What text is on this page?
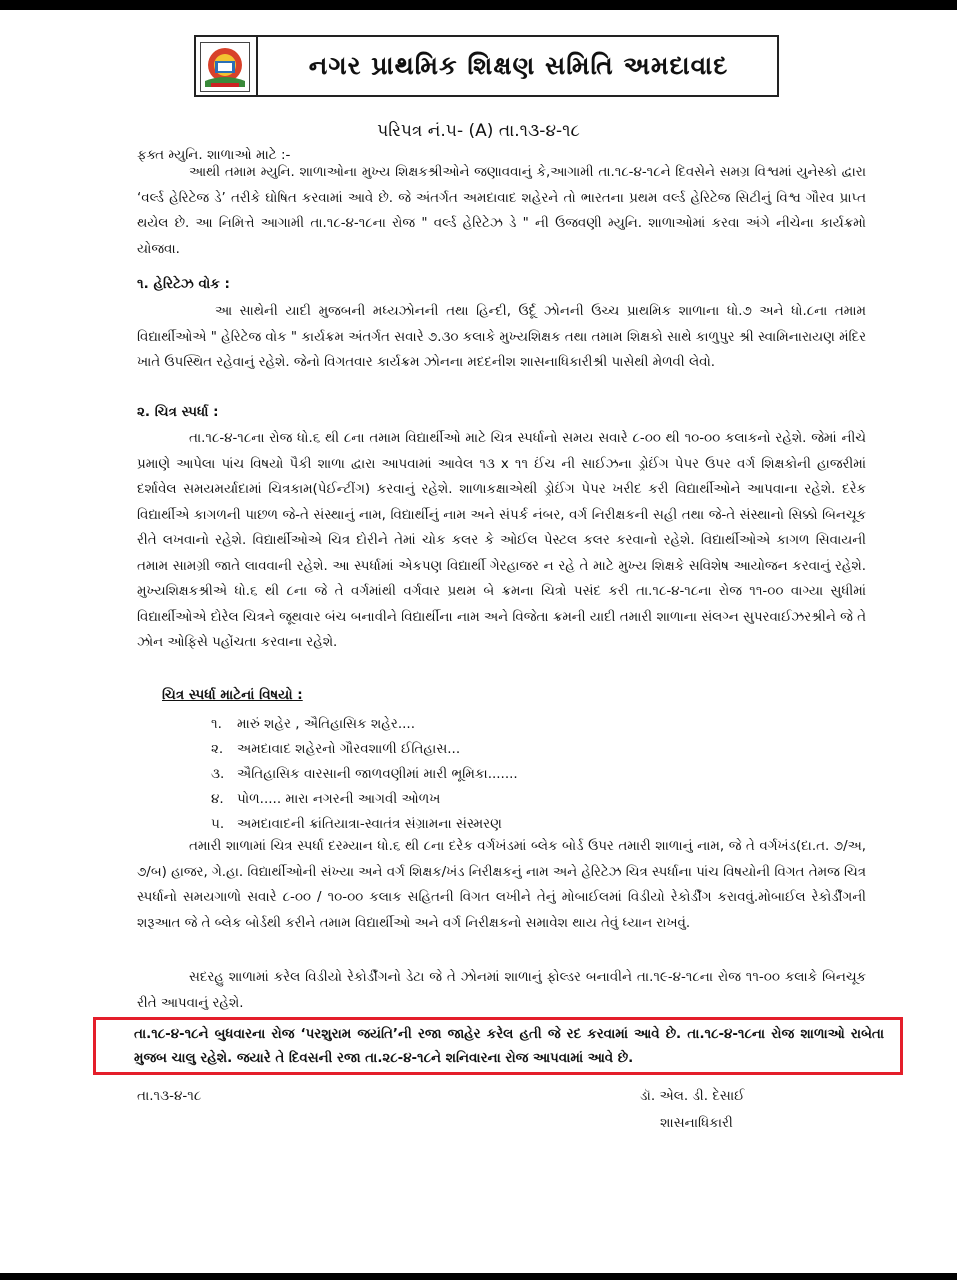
નગર પ્રાથમિક શિક્ષણ સમિતિ અમદાવાદ
પરિપત્ર નં.૫- (A) તા.૧૩-૪-૧૮
ફક્ત મ્યુનિ. શાળાઓ માટે :-
આથી તમામ મ્યુનિ. શાળાઓના મુખ્ય શિક્ષકશ્રીઓને જણાવવાનું કે,આગામી તા.૧૮-૪-૧૮ને દિવસેને સમગ્ર વિશ્વમાં યુનેસ્કો દ્વારા ‘વર્લ્ડ હેરિટેજ ડે’ તરીકે ઘોષિત કરવામાં આવે છે. જે અંતર્ગત અમદાવાદ શહેરને તો ભારતના પ્રથમ વર્લ્ડ હેરિટેજ સિટીનું વિશ્વ ગૌરવ પ્રાપ્ત થયેલ છે. આ નિમિત્તે આગામી તા.૧૮-૪-૧૮ના રોજ " વર્લ્ડ હેરિટેઝ ડે " ની ઉજવણી મ્યુનિ. શાળાઓમાં કરવા અંગે નીચેના કાર્યક્રમો યોજવા.
૧. હેરિટેઝ વોક :
આ સાથેની યાદી મુજબની મધ્યઝોનની તથા હિન્દી, ઉર્દૂ ઝોનની ઉચ્ચ પ્રાથમિક શાળાના ધો.૭ અને ધો.૮ના તમામ વિદ્યાર્થીઓએ " હેરિટેજ વોક " કાર્યક્રમ અંતર્ગત સવારે ૭.૩૦ કલાકે મુખ્યશિક્ષક તથા તમામ શિક્ષકો સાથે કાળુપુર શ્રી સ્વામિનારાયણ મંદિર ખાતે ઉપસ્થિત રહેવાનું રહેશે. જેનો વિગતવાર કાર્યક્રમ ઝોનના મદદનીશ શાસનાધિકારીશ્રી પાસેથી મેળવી લેવો.
૨. ચિત્ર સ્પર્ધા :
તા.૧૮-૪-૧૮ના રોજ ધો.૬ થી ૮ના તમામ વિદ્યાર્થીઓ માટે ચિત્ર સ્પર્ધાનો સમય સવારે ૮-૦૦ થી ૧૦-૦૦ કલાકનો રહેશે. જેમાં નીચે પ્રમાણે આપેલા પાંચ વિષયો પૈકી શાળા દ્વારા આપવામાં આવેલ ૧૩ x ૧૧ ઈંચ ની સાઈઝના ડ્રોઈંગ પેપર ઉપર વર્ગ શિક્ષકોની હાજરીમાં દર્શાવેલ સમયમર્યાદામાં ચિત્રકામ(પેઈન્ટીંગ) કરવાનું રહેશે. શાળાકક્ષાએથી ડ્રોઈંગ પેપર ખરીદ કરી વિદ્યાર્થીઓને આપવાના રહેશે. દરેક વિદ્યાર્થીએ કાગળની પાછળ જે-તે સંસ્થાનું નામ, વિદ્યાર્થીનું નામ અને સંપર્ક નંબર, વર્ગ નિરીક્ષકની સહી તથા જે-તે સંસ્થાનો સિક્કો બિનચૂક રીતે લખવાનો રહેશે. વિદ્યાર્થીઓએ ચિત્ર દોરીને તેમાં ચોક કલર કે ઓઈલ પેસ્ટલ કલર કરવાનો રહેશે. વિદ્યાર્થીઓએ કાગળ સિવાયની તમામ સામગ્રી જાતે લાવવાની રહેશે. આ સ્પર્ધામાં એકપણ વિદ્યાર્થી ગેરહાજર ન રહે તે માટે મુખ્ય શિક્ષકે સવિશેષ આયોજન કરવાનું રહેશે. મુખ્યશિક્ષકશ્રીએ ધો.૬ થી ૮ના જે તે વર્ગમાંથી વર્ગવાર પ્રથમ બે ક્રમના ચિત્રો પસંદ કરી તા.૧૮-૪-૧૮ના રોજ ૧૧-૦૦ વાગ્યા સુધીમાં વિદ્યાર્થીઓએ દોરેલ ચિત્રને જૂથવાર બંચ બનાવીને વિદ્યાર્થીના નામ અને વિજેતા ક્રમની યાદી તમારી શાળાના સંલગ્ન સુપરવાઈઝરશ્રીને જે તે ઝોન ઓફિસે પહોંચતા કરવાના રહેશે.
ચિત્ર સ્પર્ધા માટેનાં વિષયો :
૧. મારું શહેર , ઐતિહાસિક શહેર....
૨. અમદાવાદ શહેરનો ગૌરવશાળી ઈતિહાસ...
૩. ઐતિહાસિક વારસાની જાળવણીમાં મારી ભૂમિકા.......
૪. પોળ..... મારા નગરની આગવી ઓળખ
૫. અમદાવાદની ક્રાંતિયાત્રા-સ્વાતંત્ર સંગ્રામના સંસ્મરણ
તમારી શાળામાં ચિત્ર સ્પર્ધા દરમ્યાન ધો.૬ થી ૮ના દરેક વર્ગખંડમાં બ્લેક બોર્ડ ઉપર તમારી શાળાનું નામ, જે તે વર્ગખંડ(દા.ત. ૭/અ, ૭/બ) હાજર, ગે.હા. વિદ્યાર્થીઓની સંખ્યા અને વર્ગ શિક્ષક/ખંડ નિરીક્ષકનું નામ અને હેરિટેઝ ચિત્ર સ્પર્ધાના પાંચ વિષયોની વિગત તેમજ ચિત્ર સ્પર્ધાનો સમયગાળો સવારે ૮-૦૦ / ૧૦-૦૦ કલાક સહિતની વિગત લખીને તેનું મોબાઈલમાં વિડીયો રેકોર્ડીંગ કરાવવું.મોબાઈલ રેકોર્ડીંગની શરૂઆત જે તે બ્લેક બોર્ડથી કરીને તમામ વિદ્યાર્થીઓ અને વર્ગ નિરીક્ષકનો સમાવેશ થાય તેવું ધ્યાન રાખવું.
સદરહુ શાળામાં કરેલ વિડીયો રેકોર્ડીંગનો ડેટા જે તે ઝોનમાં શાળાનું ફોલ્ડર બનાવીને તા.૧૯-૪-૧૮ના રોજ ૧૧-૦૦ કલાકે બિનચૂક રીતે આપવાનું રહેશે.
તા.૧૮-૪-૧૮ને બુધવારના રોજ ‘પરશુરામ જયંતિ’ની રજા જાહેર કરેલ હતી જે રદ કરવામાં આવે છે. તા.૧૮-૪-૧૮ના રોજ શાળાઓ રાબેતા મુજબ ચાલુ રહેશે. જયારે તે દિવસની રજા તા.૨૮-૪-૧૮ને શનિવારના રોજ આપવામાં આવે છે.
તા.૧૩-૪-૧૮	ડૉ. એલ. ડી. દેસાઈ
શાસનાધિકારી
